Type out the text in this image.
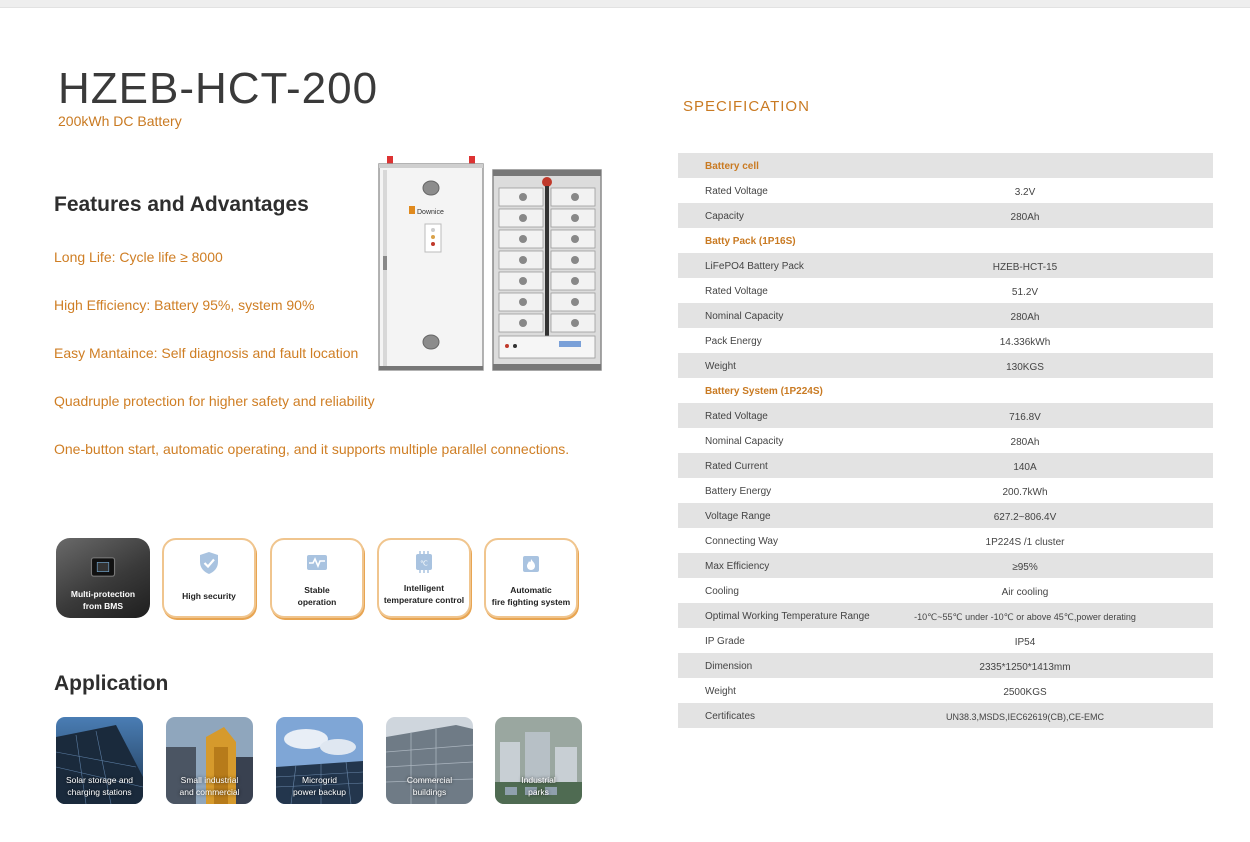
HZEB-HCT-200
200kWh DC Battery
Features and Advantages
Long Life: Cycle life ≥ 8000
High Efficiency: Battery 95%, system 90%
Easy Mantaince: Self diagnosis and fault location
Quadruple protection for higher safety and reliability
One-button start, automatic operating, and it supports multiple parallel connections.
Downice
Multi-protection
from BMS
High security
Stable
operation
℃
Intelligent
temperature control
Automatic
fire fighting system
Application
Solar storage and
charging stations
Small industrial
and commercial
Microgrid
power backup
Commercial
buildings
Industrial
parks
SPECIFICATION
Battery cell
Rated Voltage	3.2V
Capacity	280Ah
Batty Pack (1P16S)
LiFePO4 Battery Pack	HZEB-HCT-15
Rated Voltage	51.2V
Nominal Capacity	280Ah
Pack Energy	14.336kWh
Weight	130KGS
Battery System (1P224S)
Rated Voltage	716.8V
Nominal Capacity	280Ah
Rated Current	140A
Battery Energy	200.7kWh
Voltage Range	627.2~806.4V
Connecting Way	1P224S /1 cluster
Max Efficiency	≥95%
Cooling	Air cooling
Optimal Working Temperature Range	-10℃~55℃ under -10℃ or above 45℃,power derating
IP Grade	IP54
Dimension	2335*1250*1413mm
Weight	2500KGS
Certificates	UN38.3,MSDS,IEC62619(CB),CE-EMC
